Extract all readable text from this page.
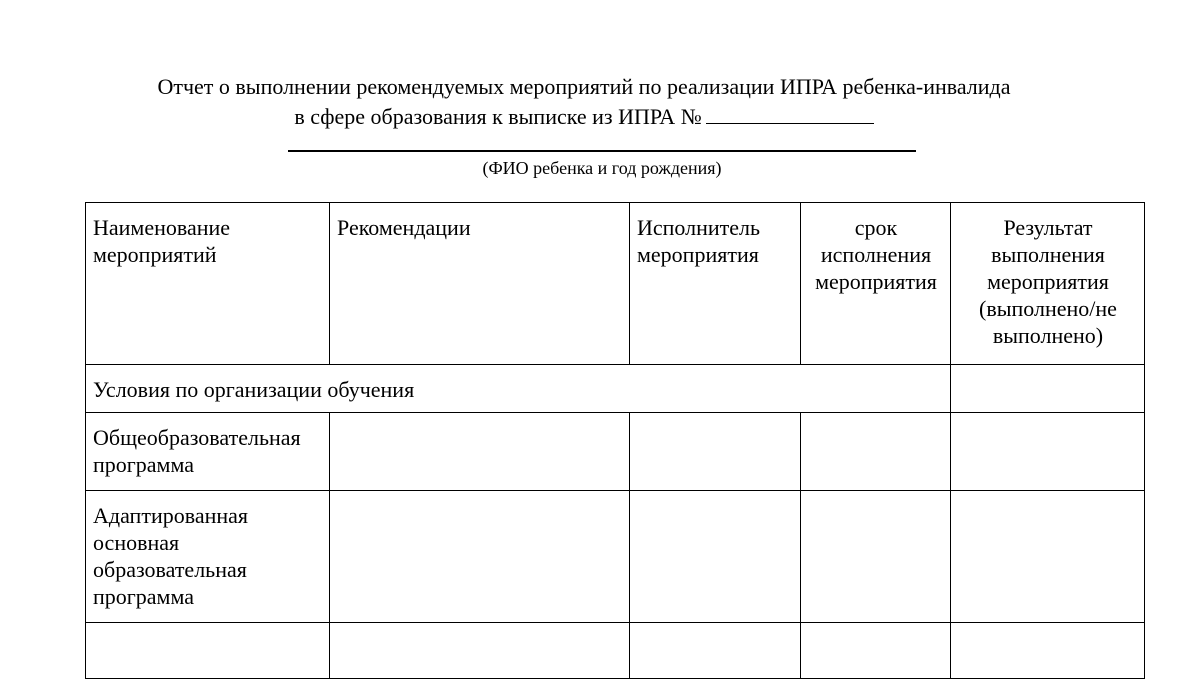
Отчет о выполнении рекомендуемых мероприятий по реализации ИПРА ребенка-инвалида
в сфере образования к выписке из ИПРА №
(ФИО ребенка и год рождения)
Наименование мероприятий	Рекомендации	Исполнитель мероприятия	срок исполнения мероприятия	Результат выполнения мероприятия (выполнено/не выполнено)
Условия по организации обучения				
Общеобразовательная программа				
Адаптированная основная образовательная программа				
